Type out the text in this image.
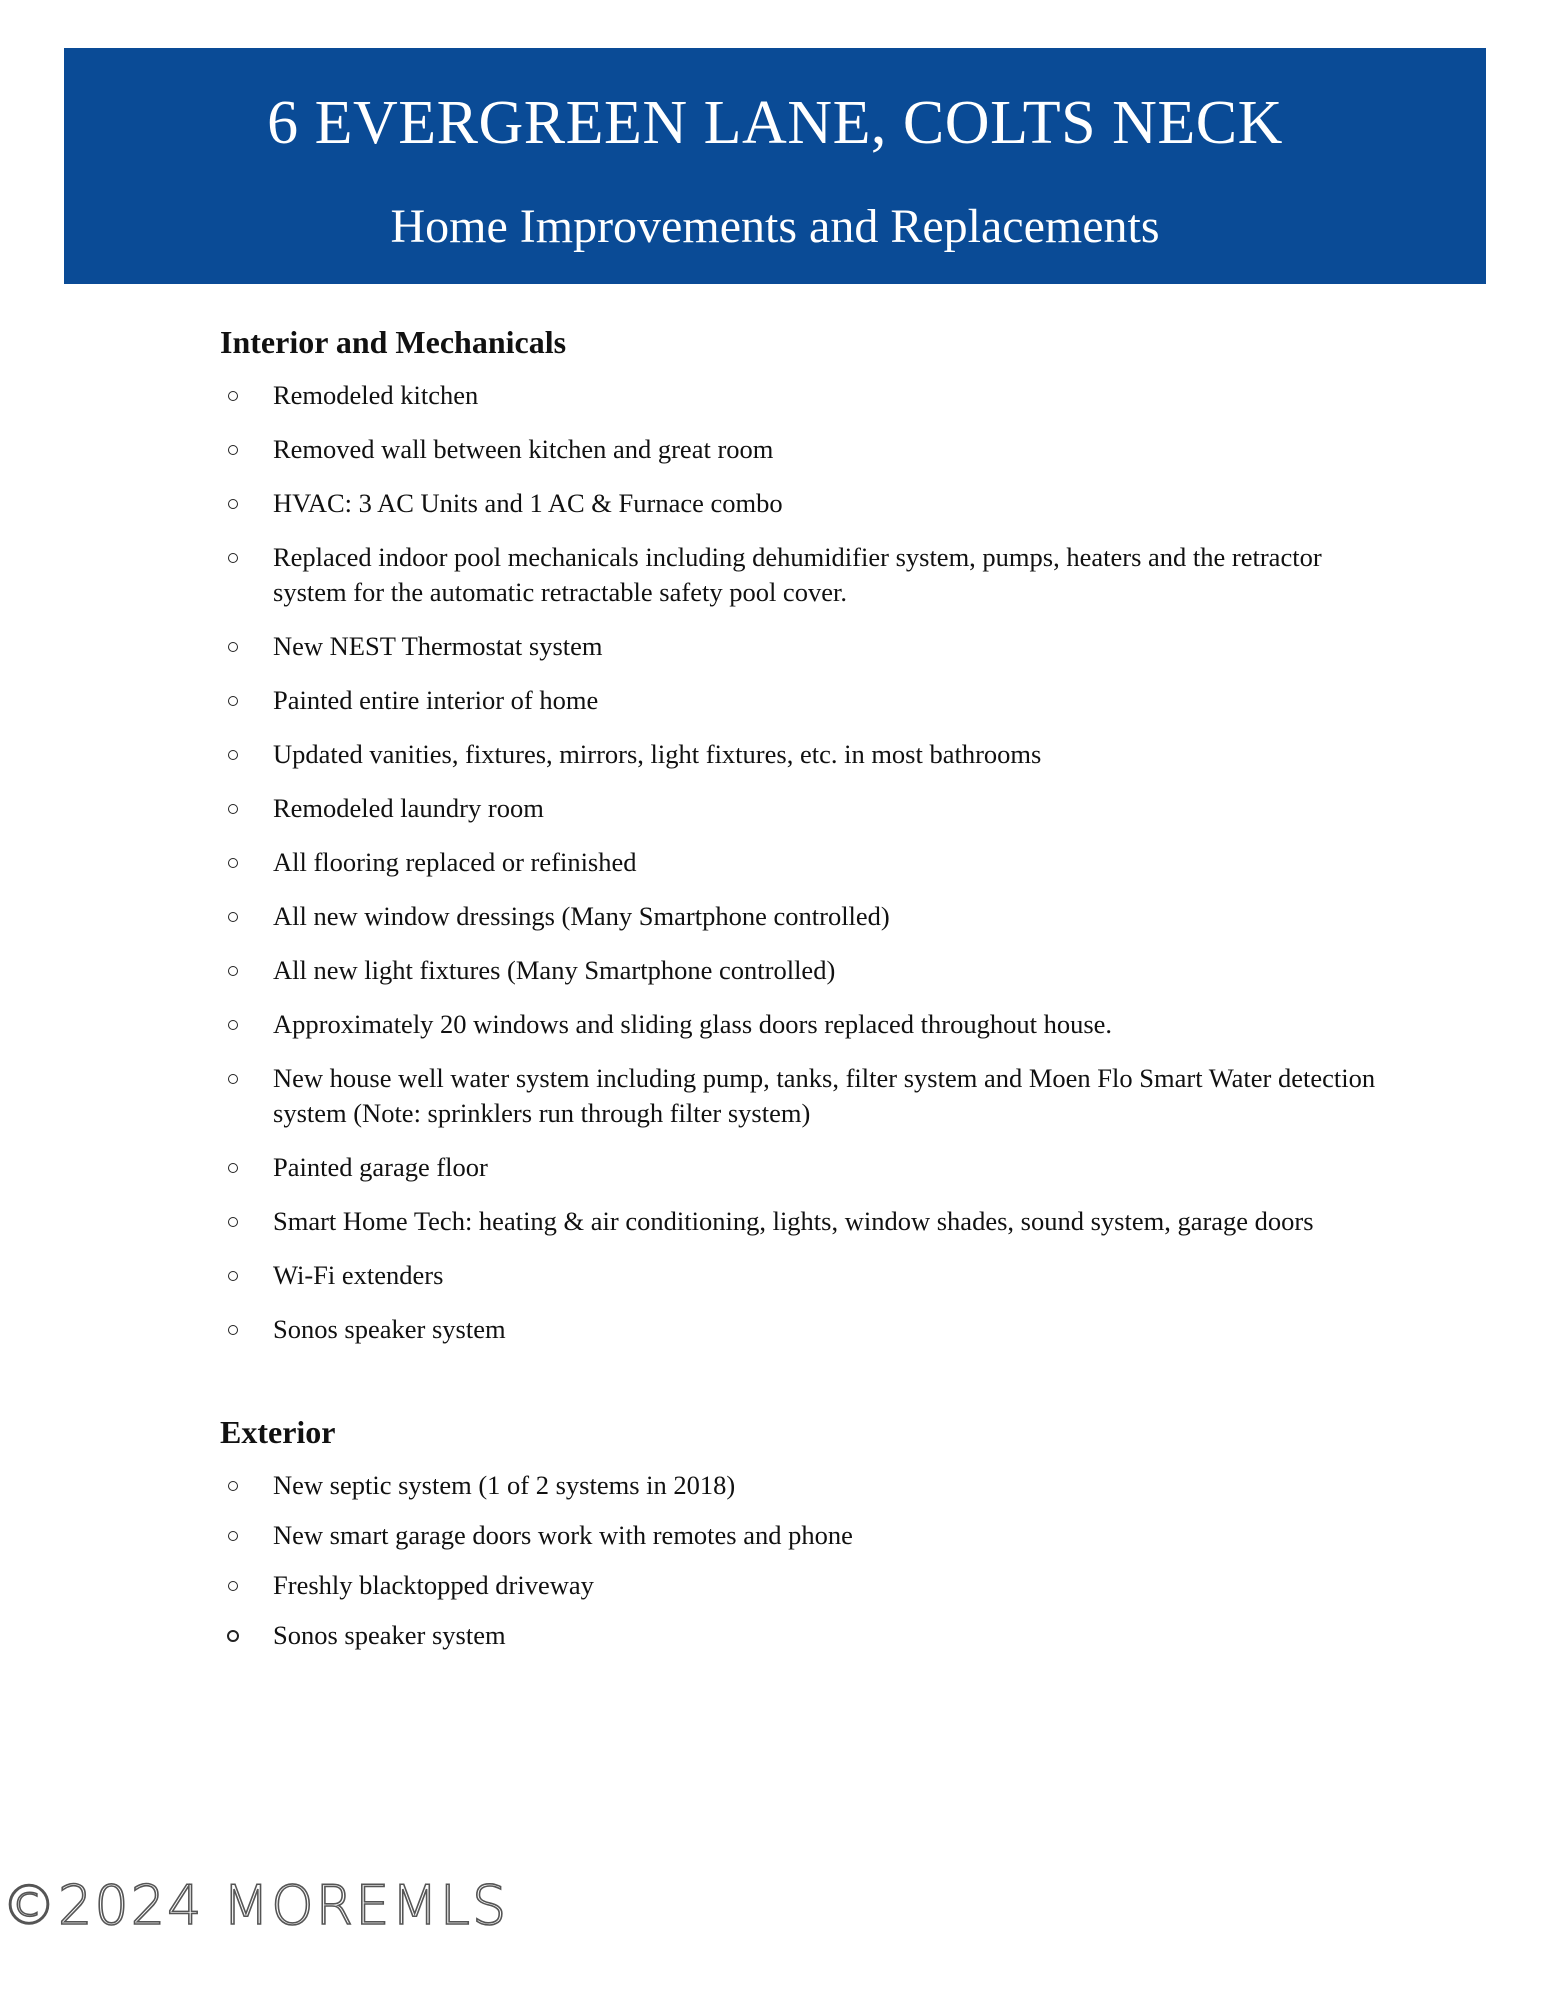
6 EVERGREEN LANE, COLTS NECK
Home Improvements and Replacements
Interior and Mechanicals
Remodeled kitchen
Removed wall between kitchen and great room
HVAC: 3 AC Units and 1 AC & Furnace combo
Replaced indoor pool mechanicals including dehumidifier system, pumps, heaters and the retractor system for the automatic retractable safety pool cover.
New NEST Thermostat system
Painted entire interior of home
Updated vanities, fixtures, mirrors, light fixtures, etc. in most bathrooms
Remodeled laundry room
All flooring replaced or refinished
All new window dressings (Many Smartphone controlled)
All new light fixtures (Many Smartphone controlled)
Approximately 20 windows and sliding glass doors replaced throughout house.
New house well water system including pump, tanks, filter system and Moen Flo Smart Water detection system (Note: sprinklers run through filter system)
Painted garage floor
Smart Home Tech: heating & air conditioning, lights, window shades, sound system, garage doors
Wi-Fi extenders
Sonos speaker system
Exterior
New septic system (1 of 2 systems in 2018)
New smart garage doors work with remotes and phone
Freshly blacktopped driveway
Sonos speaker system
©2024 MOREMLS
